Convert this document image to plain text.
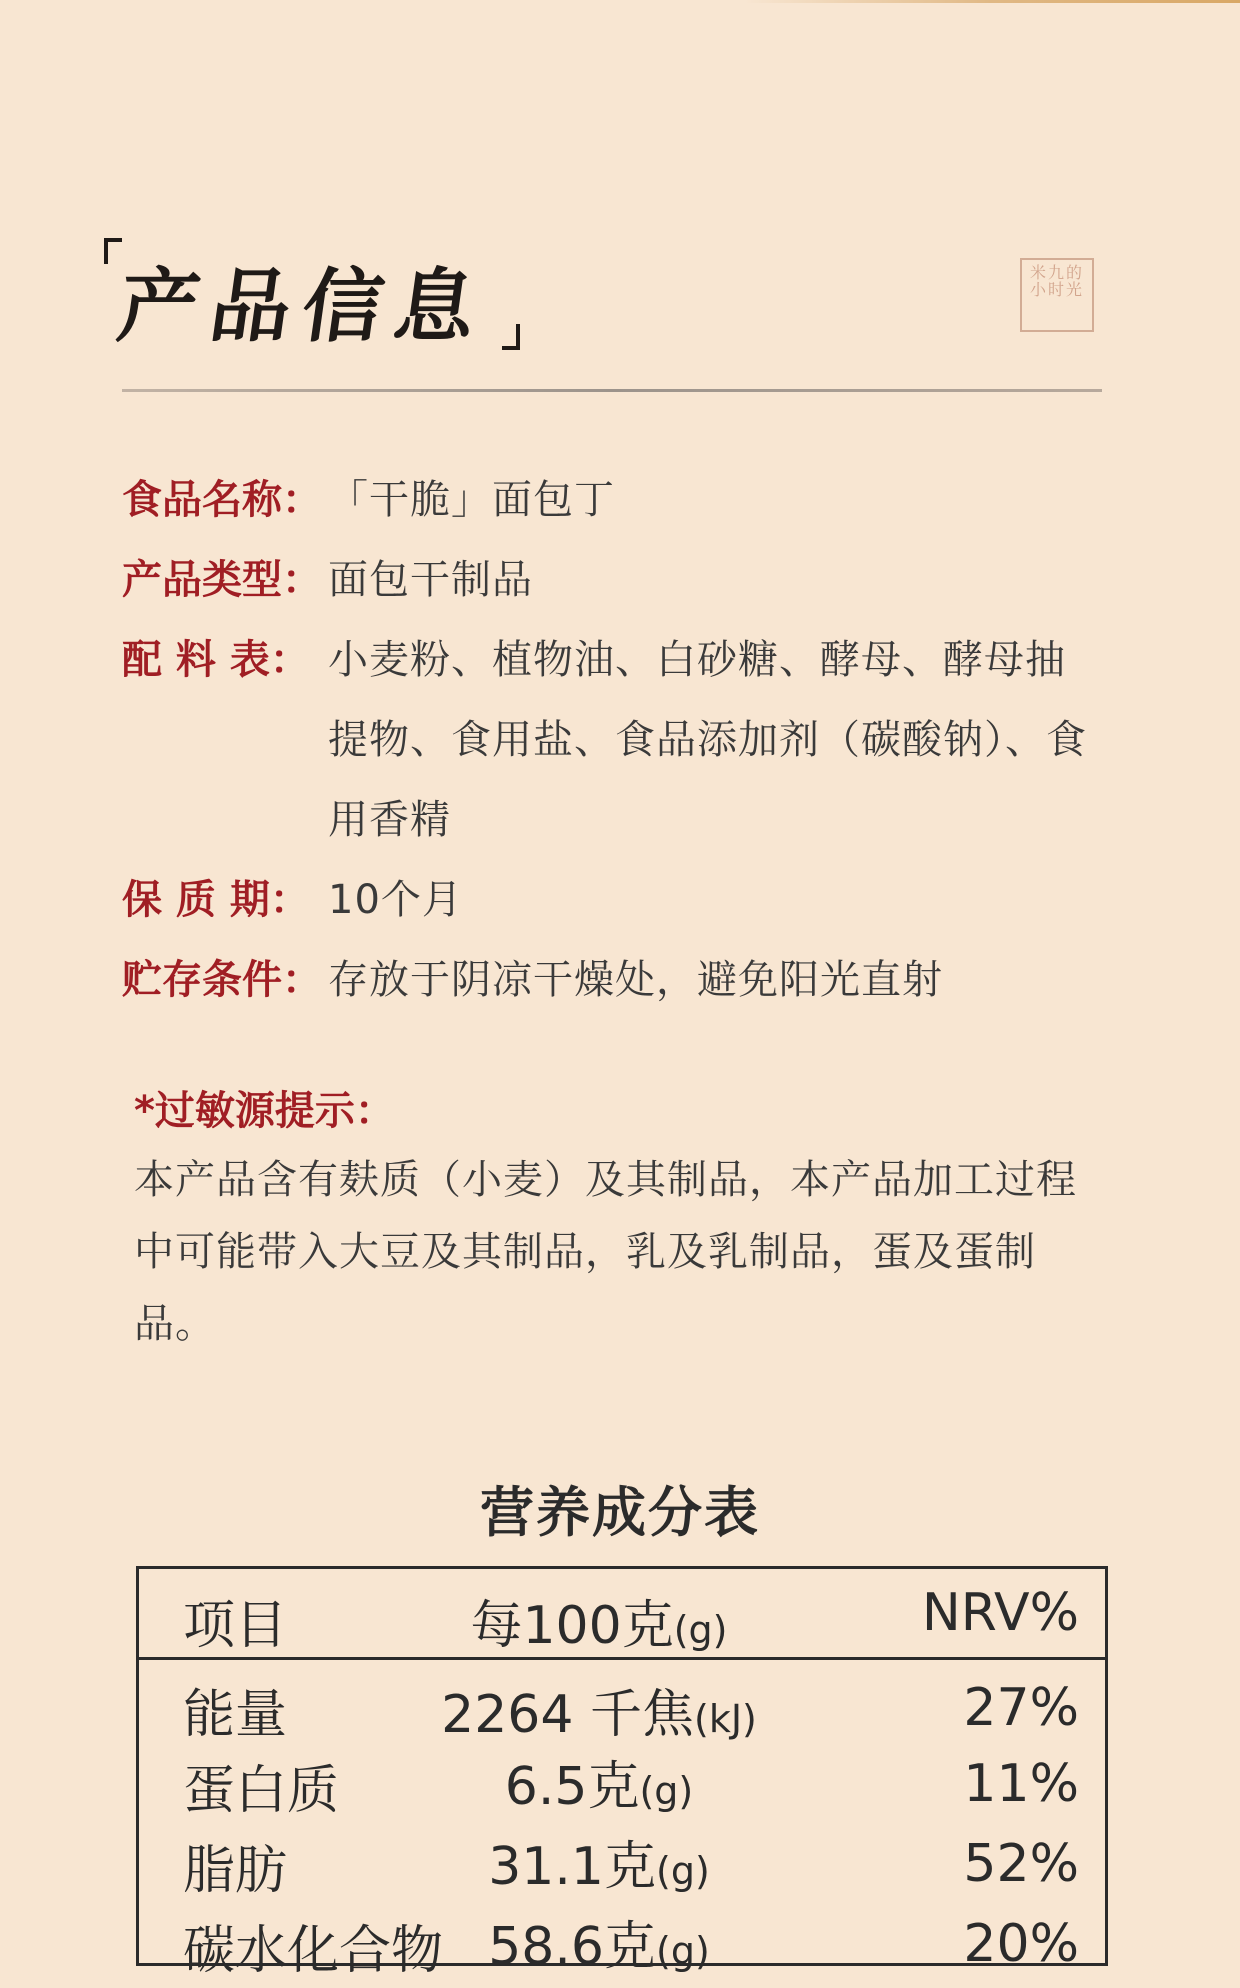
产品信息	米九的小时光
食品名称： 「干脆」面包丁
产品类型： 面包干制品
配 料 表： 小麦粉、植物油、白砂糖、酵母、酵母抽提物、食用盐、食品添加剂（碳酸钠）、食用香精
保 质 期： 10个月
贮存条件： 存放于阴凉干燥处，避免阳光直射
*过敏源提示：
本产品含有麸质（小麦）及其制品，本产品加工过程中可能带入大豆及其制品，乳及乳制品，蛋及蛋制品。
营养成分表
项目	每100克(g)	NRV%
能量	2264 千焦(kJ)	27%
蛋白质	6.5克(g)	11%
脂肪	31.1克(g)	52%
碳水化合物 58.6克(g)	20%
